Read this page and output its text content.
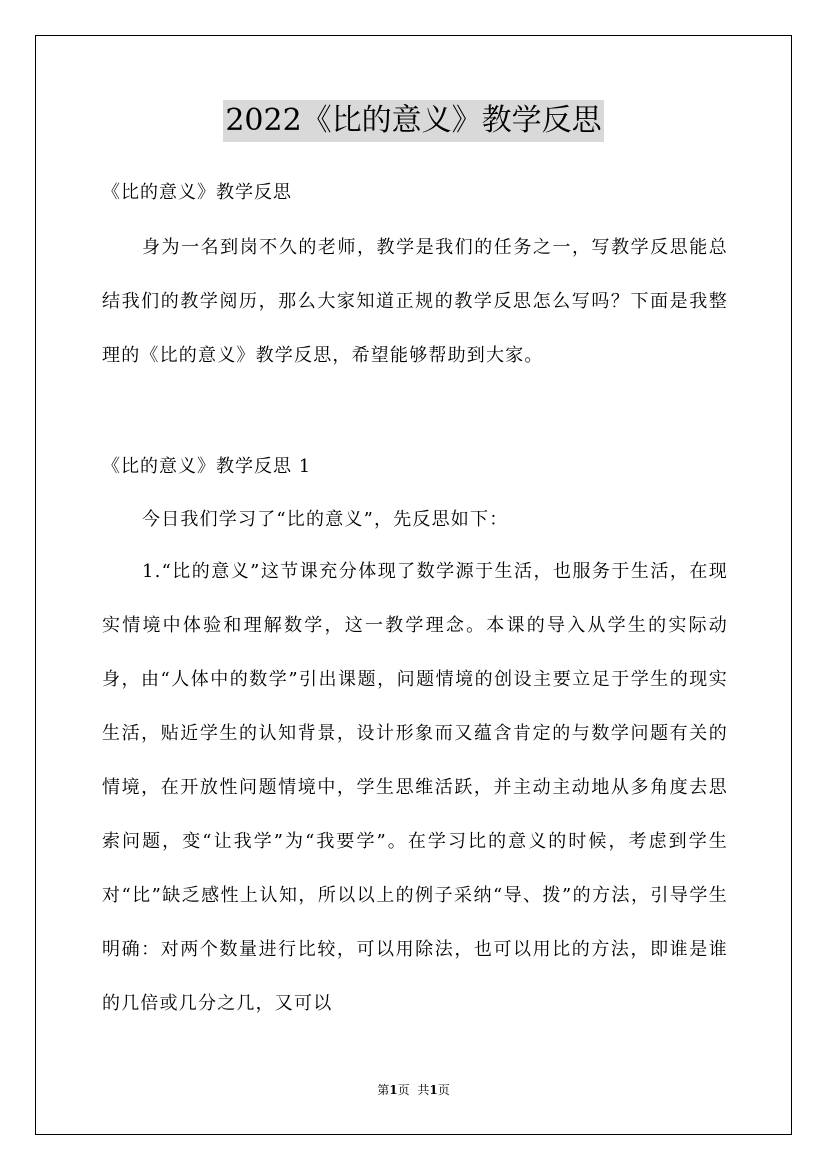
2022《比的意义》教学反思
《比的意义》教学反思

身为一名到岗不久的老师，教学是我们的任务之一，写教学反思能总结我们的教学阅历，那么大家知道正规的教学反思怎么写吗？下面是我整理的《比的意义》教学反思，希望能够帮助到大家。

《比的意义》教学反思 1

今日我们学习了“比的意义”，先反思如下：

1.“比的意义”这节课充分体现了数学源于生活，也服务于生活，在现实情境中体验和理解数学，这一教学理念。本课的导入从学生的实际动身，由“人体中的数学”引出课题，问题情境的创设主要立足于学生的现实生活，贴近学生的认知背景，设计形象而又蕴含肯定的与数学问题有关的情境，在开放性问题情境中，学生思维活跃，并主动主动地从多角度去思索问题，变“让我学”为“我要学”。在学习比的意义的时候，考虑到学生对“比”缺乏感性上认知，所以以上的例子采纳“导、拨”的方法，引导学生明确：对两个数量进行比较，可以用除法，也可以用比的方法，即谁是谁的几倍或几分之几，又可以

第1页 共1页
